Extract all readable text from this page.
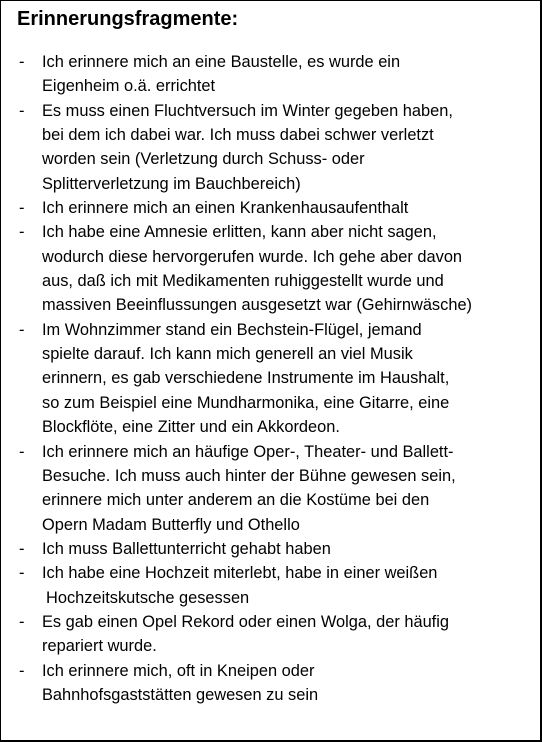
Erinnerungsfragmente:
- Ich erinnere mich an eine Baustelle, es wurde ein
Eigenheim o.ä. errichtet
- Es muss einen Fluchtversuch im Winter gegeben haben,
bei dem ich dabei war. Ich muss dabei schwer verletzt
worden sein (Verletzung durch Schuss- oder
Splitterverletzung im Bauchbereich)
- Ich erinnere mich an einen Krankenhausaufenthalt
- Ich habe eine Amnesie erlitten, kann aber nicht sagen,
wodurch diese hervorgerufen wurde. Ich gehe aber davon
aus, daß ich mit Medikamenten ruhiggestellt wurde und
massiven Beeinflussungen ausgesetzt war (Gehirnwäsche)
- Im Wohnzimmer stand ein Bechstein-Flügel, jemand
spielte darauf. Ich kann mich generell an viel Musik
erinnern, es gab verschiedene Instrumente im Haushalt,
so zum Beispiel eine Mundharmonika, eine Gitarre, eine
Blockflöte, eine Zitter und ein Akkordeon.
- Ich erinnere mich an häufige Oper-, Theater- und Ballett-
Besuche. Ich muss auch hinter der Bühne gewesen sein,
erinnere mich unter anderem an die Kostüme bei den
Opern Madam Butterfly und Othello
- Ich muss Ballettunterricht gehabt haben
- Ich habe eine Hochzeit miterlebt, habe in einer weißen
Hochzeitskutsche gesessen
- Es gab einen Opel Rekord oder einen Wolga, der häufig
repariert wurde.
- Ich erinnere mich, oft in Kneipen oder
Bahnhofsgaststätten gewesen zu sein
